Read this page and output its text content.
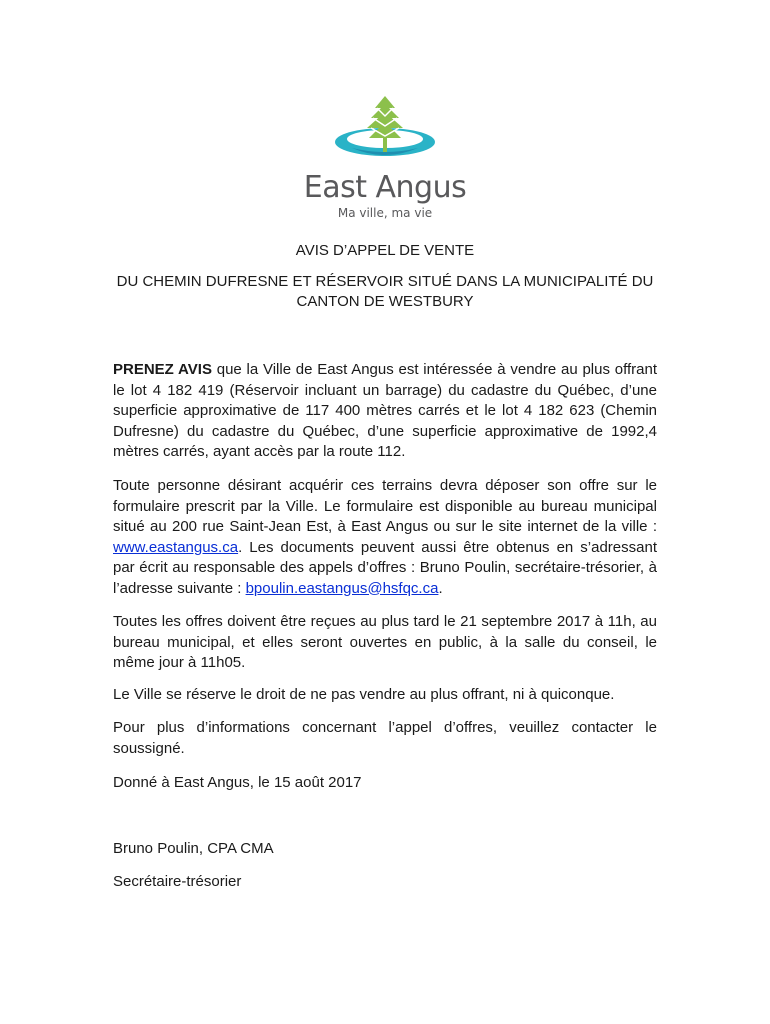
East Angus
Ma ville, ma vie
AVIS D’APPEL DE VENTE
DU CHEMIN DUFRESNE ET RÉSERVOIR SITUÉ DANS LA MUNICIPALITÉ DU CANTON DE WESTBURY

PRENEZ AVIS que la Ville de East Angus est intéressée à vendre au plus offrant le lot 4 182 419 (Réservoir incluant un barrage) du cadastre du Québec, d’une superficie approximative de 117 400 mètres carrés et le lot 4 182 623 (Chemin Dufresne) du cadastre du Québec, d’une superficie approximative de 1992,4 mètres carrés, ayant accès par la route 112.

Toute personne désirant acquérir ces terrains devra déposer son offre sur le formulaire prescrit par la Ville. Le formulaire est disponible au bureau municipal situé au 200 rue Saint-Jean Est, à East Angus ou sur le site internet de la ville : www.eastangus.ca. Les documents peuvent aussi être obtenus en s’adressant par écrit au responsable des appels d’offres : Bruno Poulin, secrétaire-trésorier, à l’adresse suivante : bpoulin.eastangus@hsfqc.ca.

Toutes les offres doivent être reçues au plus tard le 21 septembre 2017 à 11h, au bureau municipal, et elles seront ouvertes en public, à la salle du conseil, le même jour à 11h05.

Le Ville se réserve le droit de ne pas vendre au plus offrant, ni à quiconque.

Pour plus d’informations concernant l’appel d’offres, veuillez contacter le soussigné.

Donné à East Angus, le 15 août 2017

Bruno Poulin, CPA CMA

Secrétaire-trésorier
